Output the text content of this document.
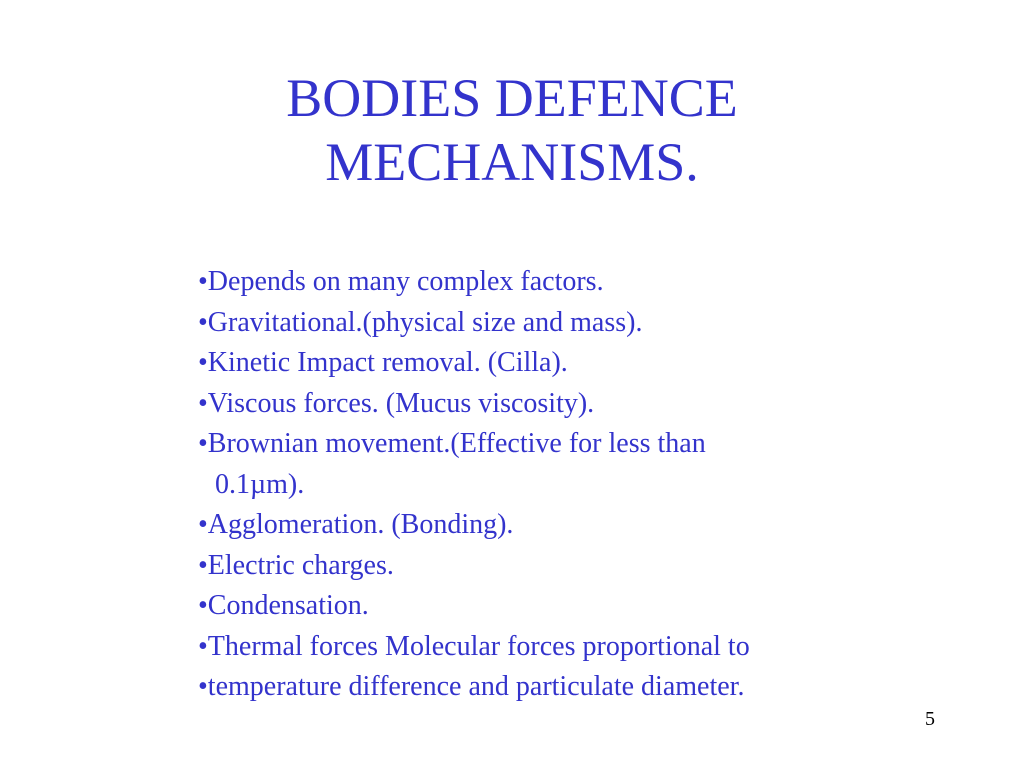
BODIES DEFENCE
MECHANISMS.
•Depends on many complex factors.
•Gravitational.(physical size and mass).
•Kinetic Impact removal. (Cilla).
•Viscous forces. (Mucus viscosity).
•Brownian movement.(Effective for less than
0.1µm).
•Agglomeration. (Bonding).
•Electric charges.
•Condensation.
•Thermal forces Molecular forces proportional to
•temperature difference and particulate diameter.
5
